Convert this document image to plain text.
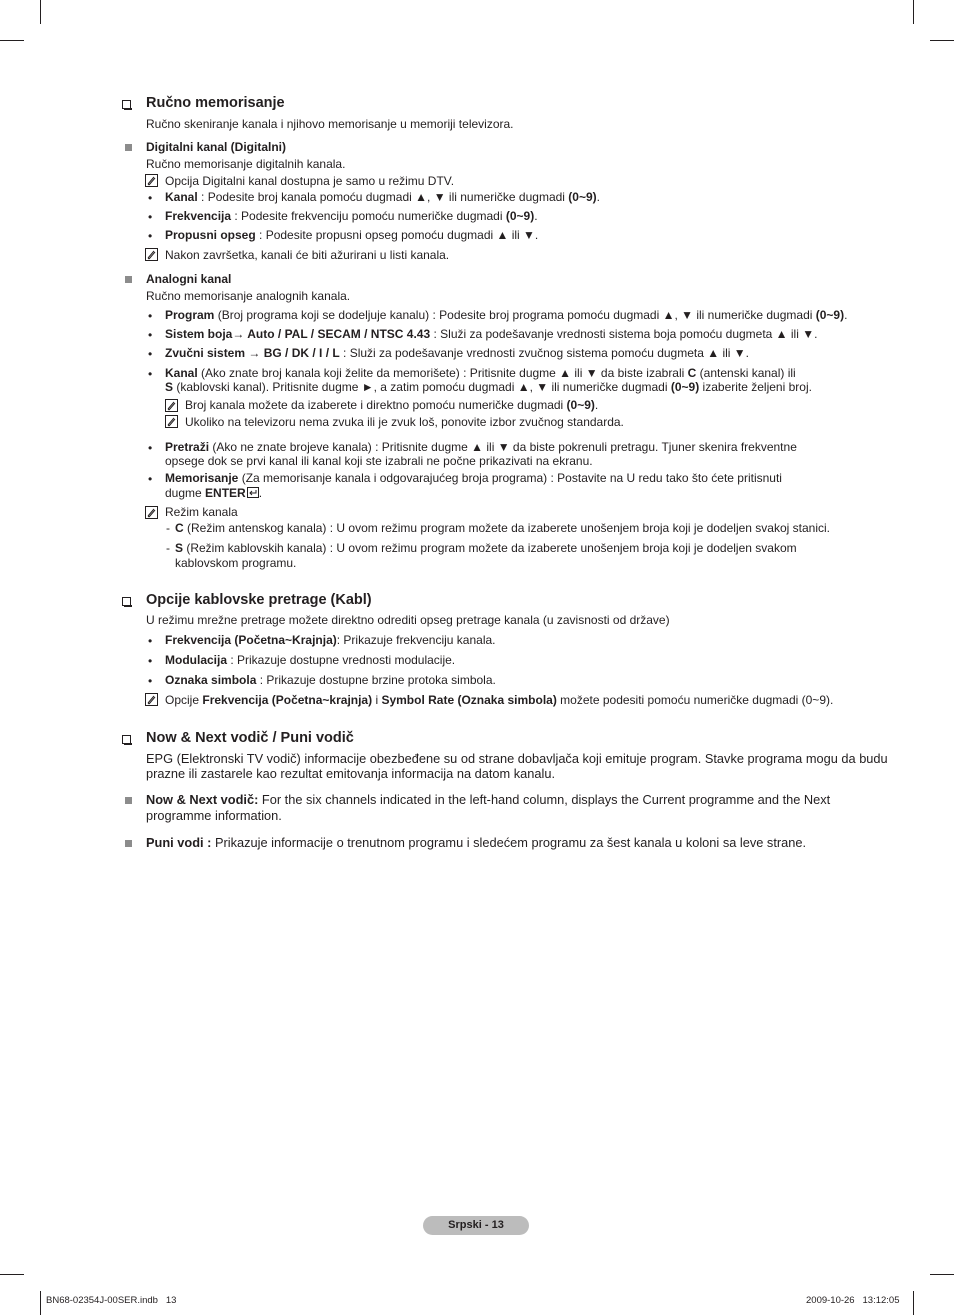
Ručno memorisanje
Ručno skeniranje kanala i njihovo memorisanje u memoriji televizora.
Digitalni kanal (Digitalni)
Ručno memorisanje digitalnih kanala.
Opcija Digitalni kanal dostupna je samo u režimu DTV.
• Kanal : Podesite broj kanala pomoću dugmadi ▲, ▼ ili numeričke dugmadi (0~9).
• Frekvencija : Podesite frekvenciju pomoću numeričke dugmadi (0~9).
• Propusni opseg : Podesite propusni opseg pomoću dugmadi ▲ ili ▼.
Nakon završetka, kanali će biti ažurirani u listi kanala.
Analogni kanal
Ručno memorisanje analognih kanala.
• Program (Broj programa koji se dodeljuje kanalu) : Podesite broj programa pomoću dugmadi ▲, ▼ ili numeričke dugmadi (0~9).
• Sistem boja→ Auto / PAL / SECAM / NTSC 4.43 : Služi za podešavanje vrednosti sistema boja pomoću dugmeta ▲ ili ▼.
• Zvučni sistem → BG / DK / I / L : Služi za podešavanje vrednosti zvučnog sistema pomoću dugmeta ▲ ili ▼.
• Kanal (Ako znate broj kanala koji želite da memorišete) : Pritisnite dugme ▲ ili ▼ da biste izabrali C (antenski kanal) ili
S (kablovski kanal). Pritisnite dugme ►, a zatim pomoću dugmadi ▲, ▼ ili numeričke dugmadi (0~9) izaberite željeni broj.
Broj kanala možete da izaberete i direktno pomoću numeričke dugmadi (0~9).
Ukoliko na televizoru nema zvuka ili je zvuk loš, ponovite izbor zvučnog standarda.
• Pretraži (Ako ne znate brojeve kanala) : Pritisnite dugme ▲ ili ▼ da biste pokrenuli pretragu. Tjuner skenira frekventne
opsege dok se prvi kanal ili kanal koji ste izabrali ne počne prikazivati na ekranu.
• Memorisanje (Za memorisanje kanala i odgovarajućeg broja programa) : Postavite na U redu tako što ćete pritisnuti
dugme ENTER .
Režim kanala
- C (Režim antenskog kanala) : U ovom režimu program možete da izaberete unošenjem broja koji je dodeljen svakoj stanici.
- S (Režim kablovskih kanala) : U ovom režimu program možete da izaberete unošenjem broja koji je dodeljen svakom
kablovskom programu.
Opcije kablovske pretrage (Kabl)
U režimu mrežne pretrage možete direktno odrediti opseg pretrage kanala (u zavisnosti od države)
• Frekvencija (Početna~Krajnja): Prikazuje frekvenciju kanala.
• Modulacija : Prikazuje dostupne vrednosti modulacije.
• Oznaka simbola : Prikazuje dostupne brzine protoka simbola.
Opcije Frekvencija (Početna~krajnja) i Symbol Rate (Oznaka simbola) možete podesiti pomoću numeričke dugmadi (0~9).
Now & Next vodič / Puni vodič
EPG (Elektronski TV vodič) informacije obezbeđene su od strane dobavljača koji emituje program. Stavke programa mogu da budu
prazne ili zastarele kao rezultat emitovanja informacija na datom kanalu.
Now & Next vodič: For the six channels indicated in the left-hand column, displays the Current programme and the Next
programme information.
Puni vodi : Prikazuje informacije o trenutnom programu i sledećem programu za šest kanala u koloni sa leve strane.
Srpski - 13
BN68-02354J-00SER.indb   13	2009-10-26   13:12:05
